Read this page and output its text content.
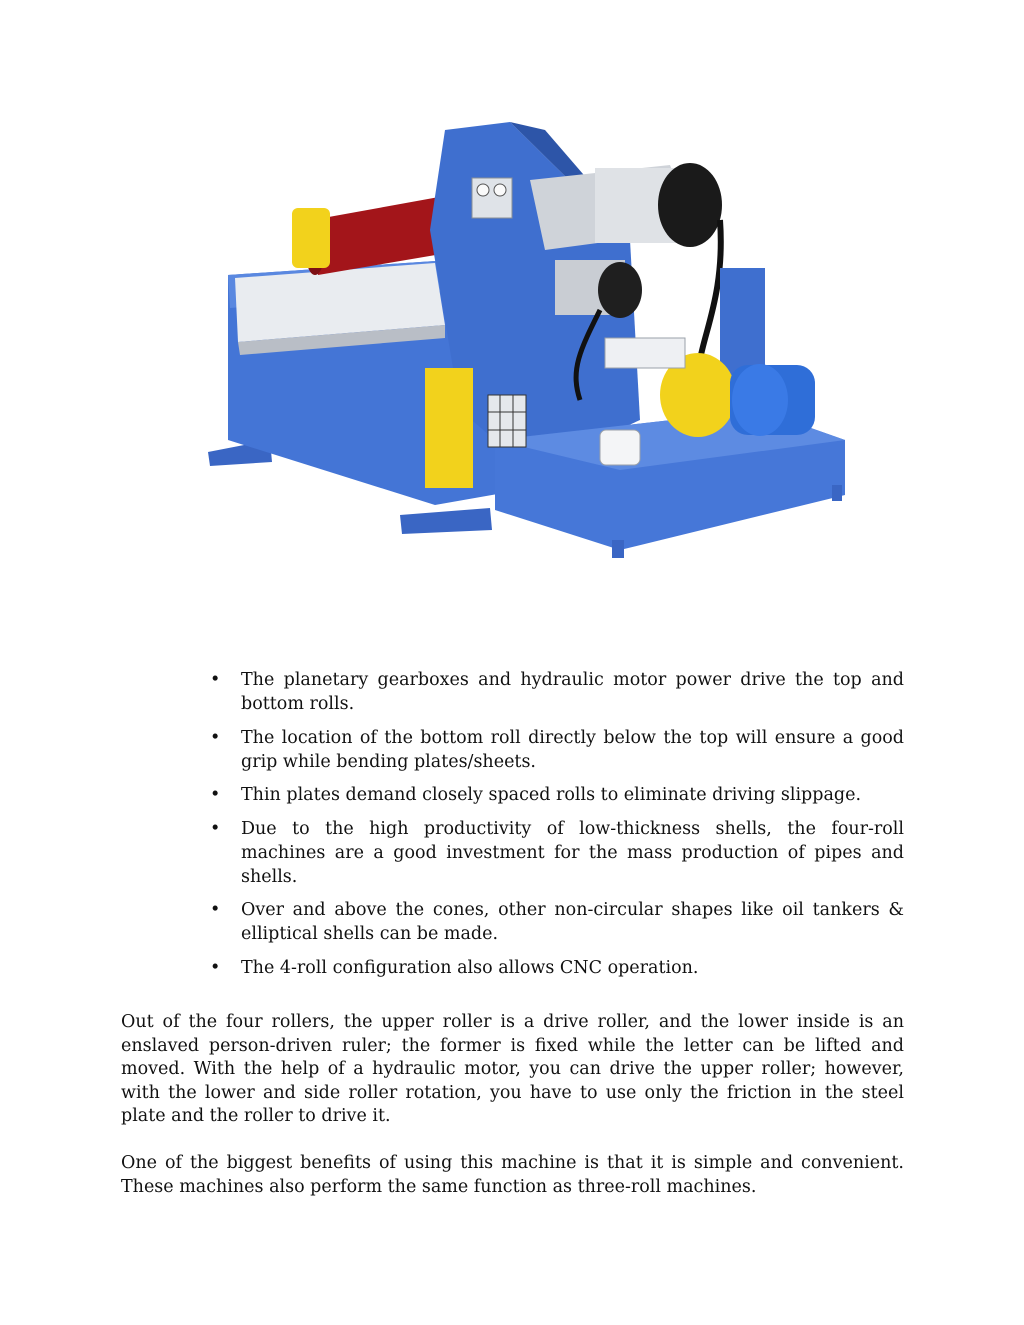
• The planetary gearboxes and hydraulic motor power drive the top and bottom rolls.
• The location of the bottom roll directly below the top will ensure a good grip while bending plates/sheets.
• Thin plates demand closely spaced rolls to eliminate driving slippage.
• Due to the high productivity of low-thickness shells, the four-roll machines are a good investment for the mass production of pipes and shells.
• Over and above the cones, other non-circular shapes like oil tankers & elliptical shells can be made.
• The 4-roll configuration also allows CNC operation.

Out of the four rollers, the upper roller is a drive roller, and the lower inside is an enslaved person-driven ruler; the former is fixed while the letter can be lifted and moved. With the help of a hydraulic motor, you can drive the upper roller; however, with the lower and side roller rotation, you have to use only the friction in the steel plate and the roller to drive it.

One of the biggest benefits of using this machine is that it is simple and convenient. These machines also perform the same function as three-roll machines.
